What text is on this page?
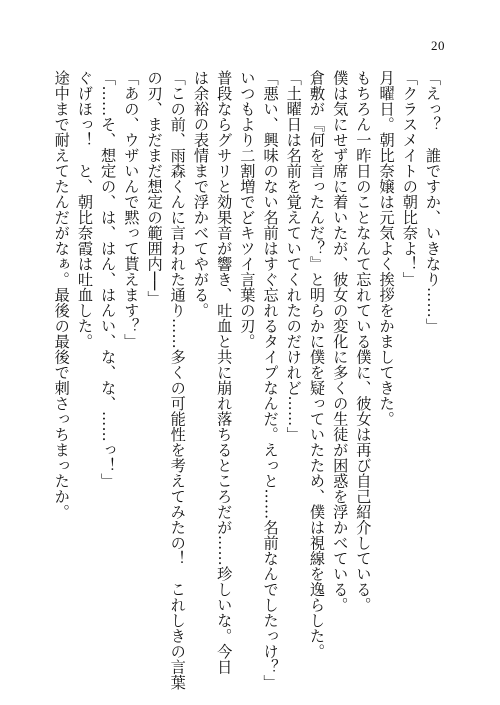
20
「えっ？　誰ですか、いきなり……」
「クラスメイトの朝比奈よ！」
月曜日。朝比奈嬢は元気よく挨拶をかましてきた。
もちろん一昨日のことなんて忘れている僕に、彼女は再び自己紹介している。
僕は気にせず席に着いたが、彼女の変化に多くの生徒が困惑を浮かべている。
倉敷が『何を言ったんだ？』と明らかに僕を疑っていたため、僕は視線を逸らした。
「土曜日は名前を覚えていてくれたのだけれど……」
「悪い、興味のない名前はすぐ忘れるタイプなんだ。えっと……名前なんでしたっけ？」
いつもより二割増でどキツイ言葉の刃。
普段ならグサリと効果音が響き、吐血と共に崩れ落ちるところだが……珍しいな。今日
は余裕の表情まで浮かべてやがる。
「この前、雨森くんに言われた通り……多くの可能性を考えてみたの！　これしきの言葉
の刃、まだまだ想定の範囲内──」
「あの、ウザいんで黙って貰えます？」
「……そ、想定の、は、はん、はんい、な、な、……っ！」
ぐげほっ！　と、朝比奈霞は吐血した。
途中まで耐えてたんだがなぁ。最後の最後で刺さっちまったか。
